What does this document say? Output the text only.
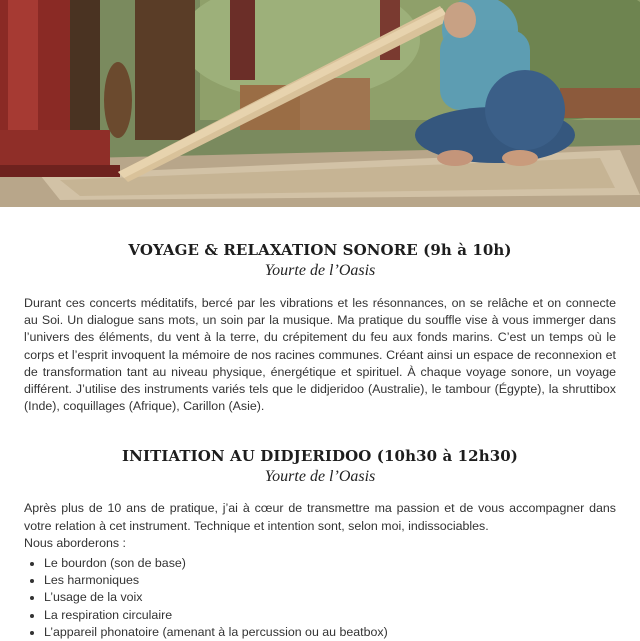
VOYAGE & RELAXATION SONORE (9h à 10h)
Yourte de l’Oasis

Durant ces concerts méditatifs, bercé par les vibrations et les résonnances, on se relâche et on connecte au Soi. Un dialogue sans mots, un soin par la musique. Ma pratique du souffle vise à vous immerger dans l’univers des éléments, du vent à la terre, du crépitement du feu aux fonds marins. C’est un temps où le corps et l’esprit invoquent la mémoire de nos racines communes. Créant ainsi un espace de reconnexion et de transformation tant au niveau physique, énergétique et spirituel. À chaque voyage sonore, un voyage différent. J’utilise des instruments variés tels que le didjeridoo (Australie), le tambour (Égypte), la shruttibox (Inde), coquillages (Afrique), Carillon (Asie).

INITIATION AU DIDJERIDOO (10h30 à 12h30)
Yourte de l’Oasis

Après plus de 10 ans de pratique, j’ai à cœur de transmettre ma passion et de vous accompagner dans votre relation à cet instrument. Technique et intention sont, selon moi, indissociables.
Nous aborderons :

• Le bourdon (son de base)
• Les harmoniques
• L’usage de la voix
• La respiration circulaire
• L’appareil phonatoire (amenant à la percussion ou au beatbox)
